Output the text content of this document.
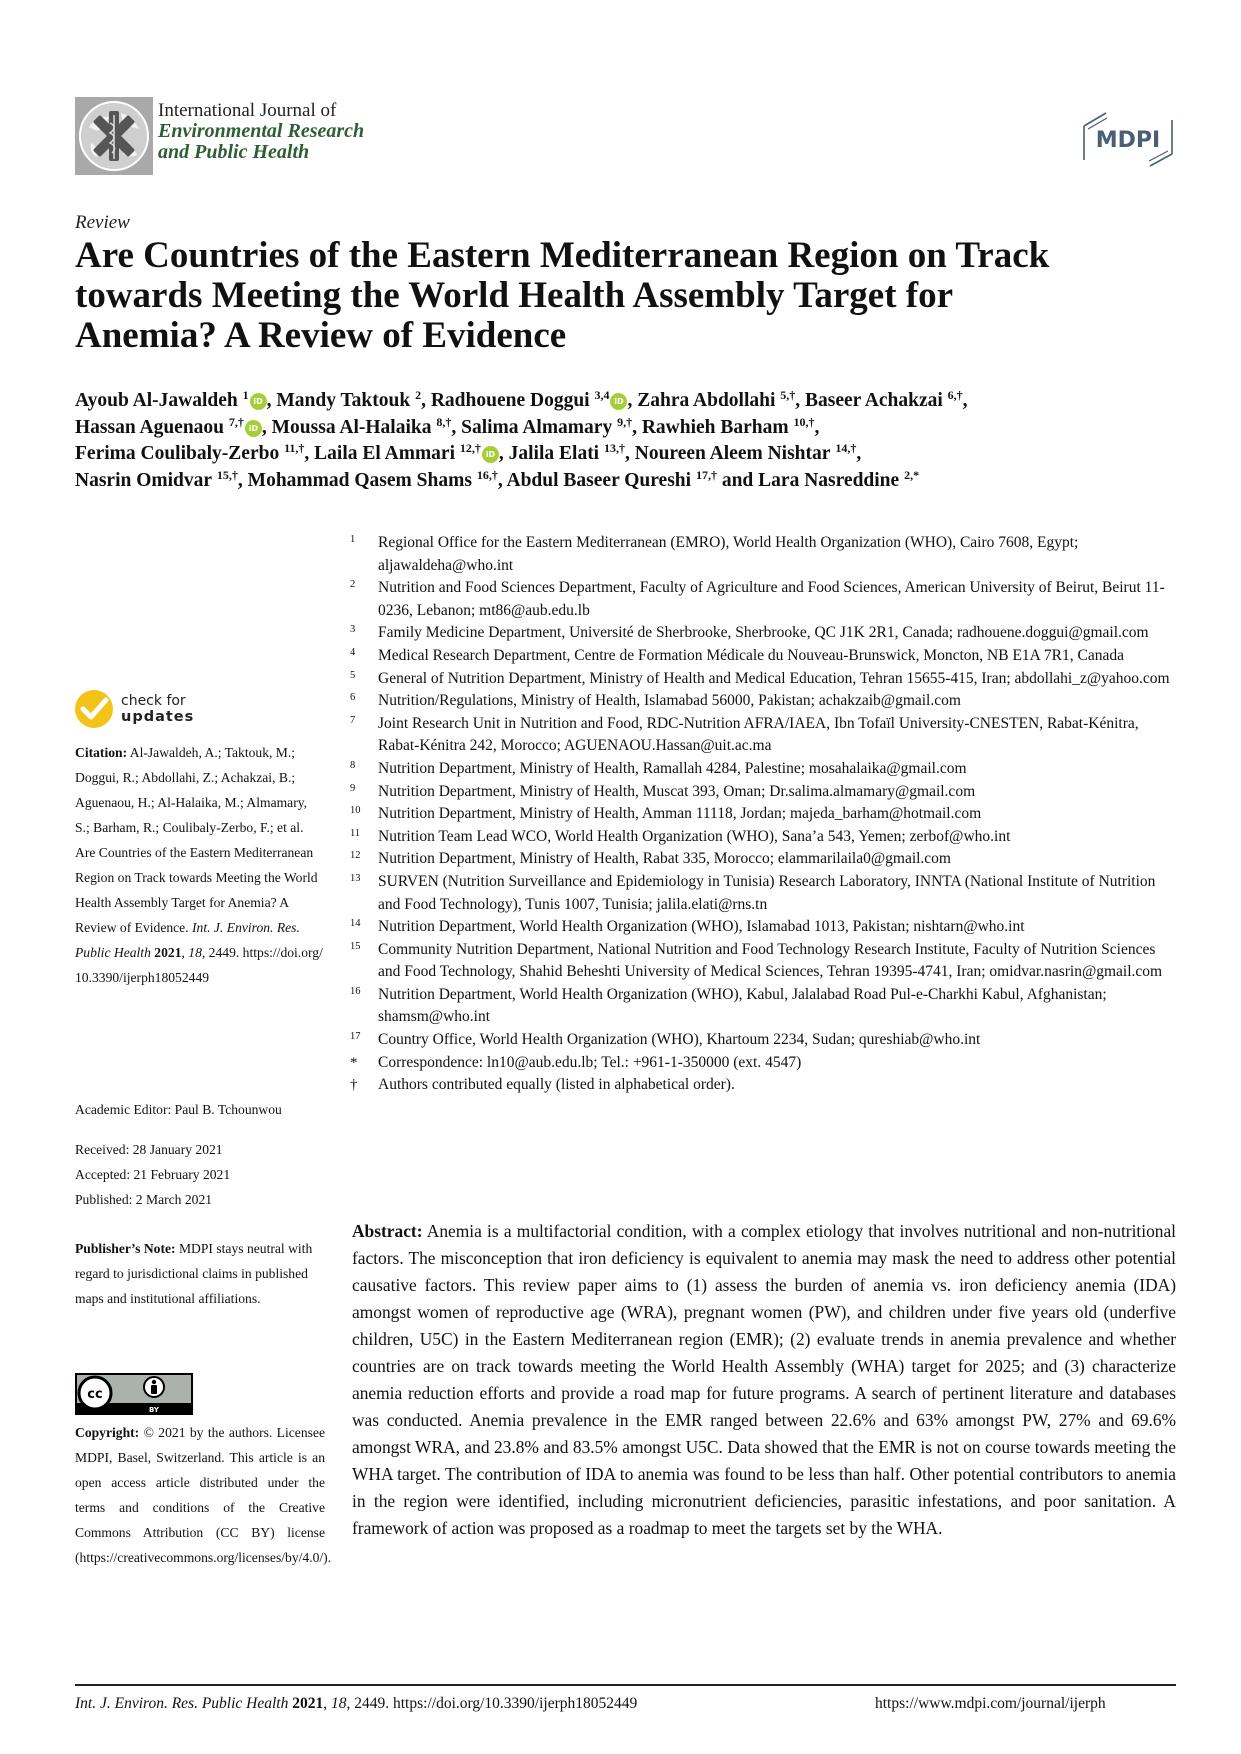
International Journal of
Environmental Research
and Public Health	MDPI
Review
Are Countries of the Eastern Mediterranean Region on Track
towards Meeting the World Health Assembly Target for
Anemia? A Review of Evidence
Ayoub Al-Jawaldeh $^1$ iD , Mandy Taktouk $^2$, Radhouene Doggui $^{3,4}$ iD , Zahra Abdollahi $^{5,\dagger}$, Baseer Achakzai $^{6,\dagger}$,
Hassan Aguenaou $^{7,\dagger}$ iD , Moussa Al-Halaika $^{8,\dagger}$, Salima Almamary $^{9,\dagger}$, Rawhieh Barham $^{10,\dagger}$,
Ferima Coulibaly-Zerbo $^{11,\dagger}$, Laila El Ammari $^{12,\dagger}$ iD , Jalila Elati $^{13,\dagger}$, Noureen Aleem Nishtar $^{14,\dagger}$,
Nasrin Omidvar $^{15,\dagger}$, Mohammad Qasem Shams $^{16,\dagger}$, Abdul Baseer Qureshi $^{17,\dagger}$ and Lara Nasreddine $^{2,*}$
1	Regional Office for the Eastern Mediterranean (EMRO), World Health Organization (WHO), Cairo 7608, Egypt; aljawaldeha@who.int
2	Nutrition and Food Sciences Department, Faculty of Agriculture and Food Sciences, American University of Beirut, Beirut 11-0236, Lebanon; mt86@aub.edu.lb
3	Family Medicine Department, Université de Sherbrooke, Sherbrooke, QC J1K 2R1, Canada; radhouene.doggui@gmail.com
4	Medical Research Department, Centre de Formation Médicale du Nouveau-Brunswick, Moncton, NB E1A 7R1, Canada
5	General of Nutrition Department, Ministry of Health and Medical Education, Tehran 15655-415, Iran; abdollahi_z@yahoo.com
6	Nutrition/Regulations, Ministry of Health, Islamabad 56000, Pakistan; achakzaib@gmail.com
7	Joint Research Unit in Nutrition and Food, RDC-Nutrition AFRA/IAEA, Ibn Tofaïl University-CNESTEN, Rabat-Kénitra, Rabat-Kénitra 242, Morocco; AGUENAOU.Hassan@uit.ac.ma
8	Nutrition Department, Ministry of Health, Ramallah 4284, Palestine; mosahalaika@gmail.com
9	Nutrition Department, Ministry of Health, Muscat 393, Oman; Dr.salima.almamary@gmail.com
10	Nutrition Department, Ministry of Health, Amman 11118, Jordan; majeda_barham@hotmail.com
11	Nutrition Team Lead WCO, World Health Organization (WHO), Sana’a 543, Yemen; zerbof@who.int
12	Nutrition Department, Ministry of Health, Rabat 335, Morocco; elammarilaila0@gmail.com
13	SURVEN (Nutrition Surveillance and Epidemiology in Tunisia) Research Laboratory, INNTA (National Institute of Nutrition and Food Technology), Tunis 1007, Tunisia; jalila.elati@rns.tn
14	Nutrition Department, World Health Organization (WHO), Islamabad 1013, Pakistan; nishtarn@who.int
15	Community Nutrition Department, National Nutrition and Food Technology Research Institute, Faculty of Nutrition Sciences and Food Technology, Shahid Beheshti University of Medical Sciences, Tehran 19395-4741, Iran; omidvar.nasrin@gmail.com
16	Nutrition Department, World Health Organization (WHO), Kabul, Jalalabad Road Pul-e-Charkhi Kabul, Afghanistan; shamsm@who.int
17	Country Office, World Health Organization (WHO), Khartoum 2234, Sudan; qureshiab@who.int
*	Correspondence: ln10@aub.edu.lb; Tel.: +961-1-350000 (ext. 4547)
†	Authors contributed equally (listed in alphabetical order).
check for
updates
Citation: Al-Jawaldeh, A.; Taktouk, M.; Doggui, R.; Abdollahi, Z.; Achakzai, B.; Aguenaou, H.; Al-Halaika, M.; Almamary, S.; Barham, R.; Coulibaly-Zerbo, F.; et al. Are Countries of the Eastern Mediterranean Region on Track towards Meeting the World Health Assembly Target for Anemia? A Review of Evidence. Int. J. Environ. Res. Public Health 2021, 18, 2449. https://doi.org/10.3390/ijerph18052449
Academic Editor: Paul B. Tchounwou
Received: 28 January 2021
Accepted: 21 February 2021
Published: 2 March 2021
Publisher’s Note: MDPI stays neutral with regard to jurisdictional claims in published maps and institutional affiliations.
cc
BY
Copyright: © 2021 by the authors. Licensee MDPI, Basel, Switzerland. This article is an open access article distributed under the terms and conditions of the Creative Commons Attribution (CC BY) license (https://creativecommons.org/licenses/by/4.0/).
Abstract: Anemia is a multifactorial condition, with a complex etiology that involves nutritional and non-nutritional factors. The misconception that iron deficiency is equivalent to anemia may mask the need to address other potential causative factors. This review paper aims to (1) assess the burden of anemia vs. iron deficiency anemia (IDA) amongst women of reproductive age (WRA), pregnant women (PW), and children under five years old (underfive children, U5C) in the Eastern Mediterranean region (EMR); (2) evaluate trends in anemia prevalence and whether countries are on track towards meeting the World Health Assembly (WHA) target for 2025; and (3) characterize anemia reduction efforts and provide a road map for future programs. A search of pertinent literature and databases was conducted. Anemia prevalence in the EMR ranged between 22.6% and 63% amongst PW, 27% and 69.6% amongst WRA, and 23.8% and 83.5% amongst U5C. Data showed that the EMR is not on course towards meeting the WHA target. The contribution of IDA to anemia was found to be less than half. Other potential contributors to anemia in the region were identified, including micronutrient deficiencies, parasitic infestations, and poor sanitation. A framework of action was proposed as a roadmap to meet the targets set by the WHA.
Int. J. Environ. Res. Public Health 2021, 18, 2449. https://doi.org/10.3390/ijerph18052449	https://www.mdpi.com/journal/ijerph
